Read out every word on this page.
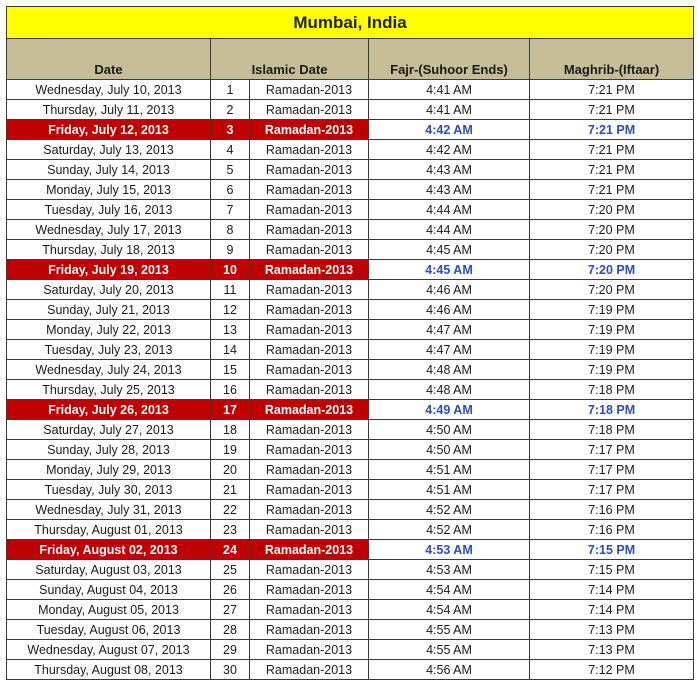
Mumbai, India				
Date	Islamic Date		Fajr-(Suhoor Ends)	Maghrib-(Iftaar)
Wednesday, July 10, 2013	1	Ramadan-2013	4:41 AM	7:21 PM
Thursday, July 11, 2013	2	Ramadan-2013	4:41 AM	7:21 PM
Friday, July 12, 2013	3	Ramadan-2013	4:42 AM	7:21 PM
Saturday, July 13, 2013	4	Ramadan-2013	4:42 AM	7:21 PM
Sunday, July 14, 2013	5	Ramadan-2013	4:43 AM	7:21 PM
Monday, July 15, 2013	6	Ramadan-2013	4:43 AM	7:21 PM
Tuesday, July 16, 2013	7	Ramadan-2013	4:44 AM	7:20 PM
Wednesday, July 17, 2013	8	Ramadan-2013	4:44 AM	7:20 PM
Thursday, July 18, 2013	9	Ramadan-2013	4:45 AM	7:20 PM
Friday, July 19, 2013	10	Ramadan-2013	4:45 AM	7:20 PM
Saturday, July 20, 2013	11	Ramadan-2013	4:46 AM	7:20 PM
Sunday, July 21, 2013	12	Ramadan-2013	4:46 AM	7:19 PM
Monday, July 22, 2013	13	Ramadan-2013	4:47 AM	7:19 PM
Tuesday, July 23, 2013	14	Ramadan-2013	4:47 AM	7:19 PM
Wednesday, July 24, 2013	15	Ramadan-2013	4:48 AM	7:19 PM
Thursday, July 25, 2013	16	Ramadan-2013	4:48 AM	7:18 PM
Friday, July 26, 2013	17	Ramadan-2013	4:49 AM	7:18 PM
Saturday, July 27, 2013	18	Ramadan-2013	4:50 AM	7:18 PM
Sunday, July 28, 2013	19	Ramadan-2013	4:50 AM	7:17 PM
Monday, July 29, 2013	20	Ramadan-2013	4:51 AM	7:17 PM
Tuesday, July 30, 2013	21	Ramadan-2013	4:51 AM	7:17 PM
Wednesday, July 31, 2013	22	Ramadan-2013	4:52 AM	7:16 PM
Thursday, August 01, 2013	23	Ramadan-2013	4:52 AM	7:16 PM
Friday, August 02, 2013	24	Ramadan-2013	4:53 AM	7:15 PM
Saturday, August 03, 2013	25	Ramadan-2013	4:53 AM	7:15 PM
Sunday, August 04, 2013	26	Ramadan-2013	4:54 AM	7:14 PM
Monday, August 05, 2013	27	Ramadan-2013	4:54 AM	7:14 PM
Tuesday, August 06, 2013	28	Ramadan-2013	4:55 AM	7:13 PM
Wednesday, August 07, 2013	29	Ramadan-2013	4:55 AM	7:13 PM
Thursday, August 08, 2013	30	Ramadan-2013	4:56 AM	7:12 PM
